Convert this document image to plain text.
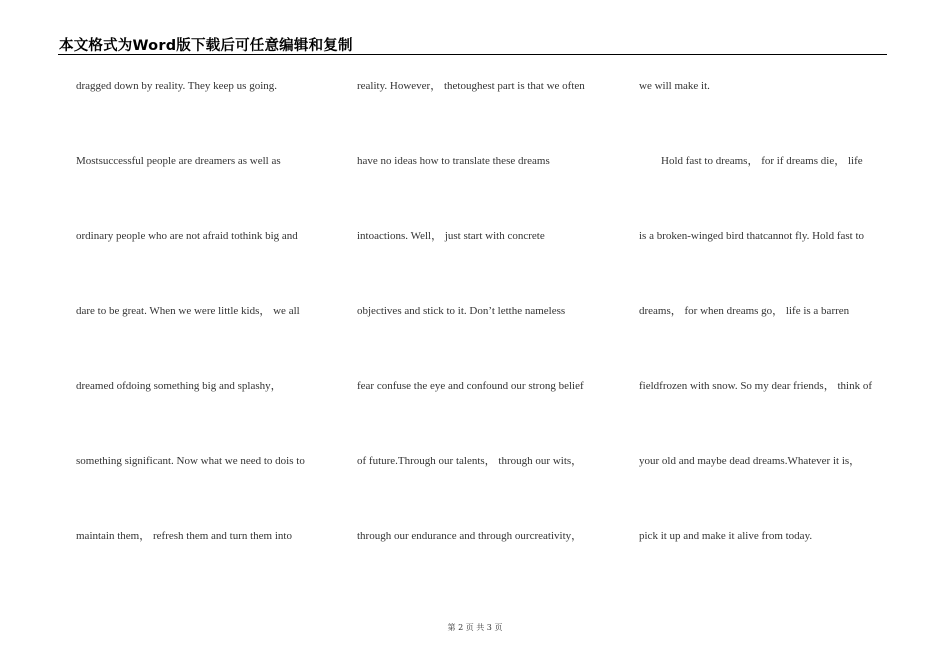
本文格式为Word版下载后可任意编辑和复制
dragged down by reality. They keep us going.
Mostsuccessful people are dreamers as well as
ordinary people who are not afraid tothink big and
dare to be great. When we were little kids， we all
dreamed ofdoing something big and splashy，
something significant. Now what we need to dois to
maintain them， refresh them and turn them into
reality. However， thetoughest part is that we often
have no ideas how to translate these dreams
intoactions. Well， just start with concrete
objectives and stick to it. Don’t letthe nameless
fear confuse the eye and confound our strong belief
of future.Through our talents， through our wits，
through our endurance and through ourcreativity，
we will make it.
Hold fast to dreams， for if dreams die， life
is a broken-winged bird thatcannot fly. Hold fast to
dreams， for when dreams go， life is a barren
fieldfrozen with snow. So my dear friends， think of
your old and maybe dead dreams.Whatever it is，
pick it up and make it alive from today.
第 2 页 共 3 页
